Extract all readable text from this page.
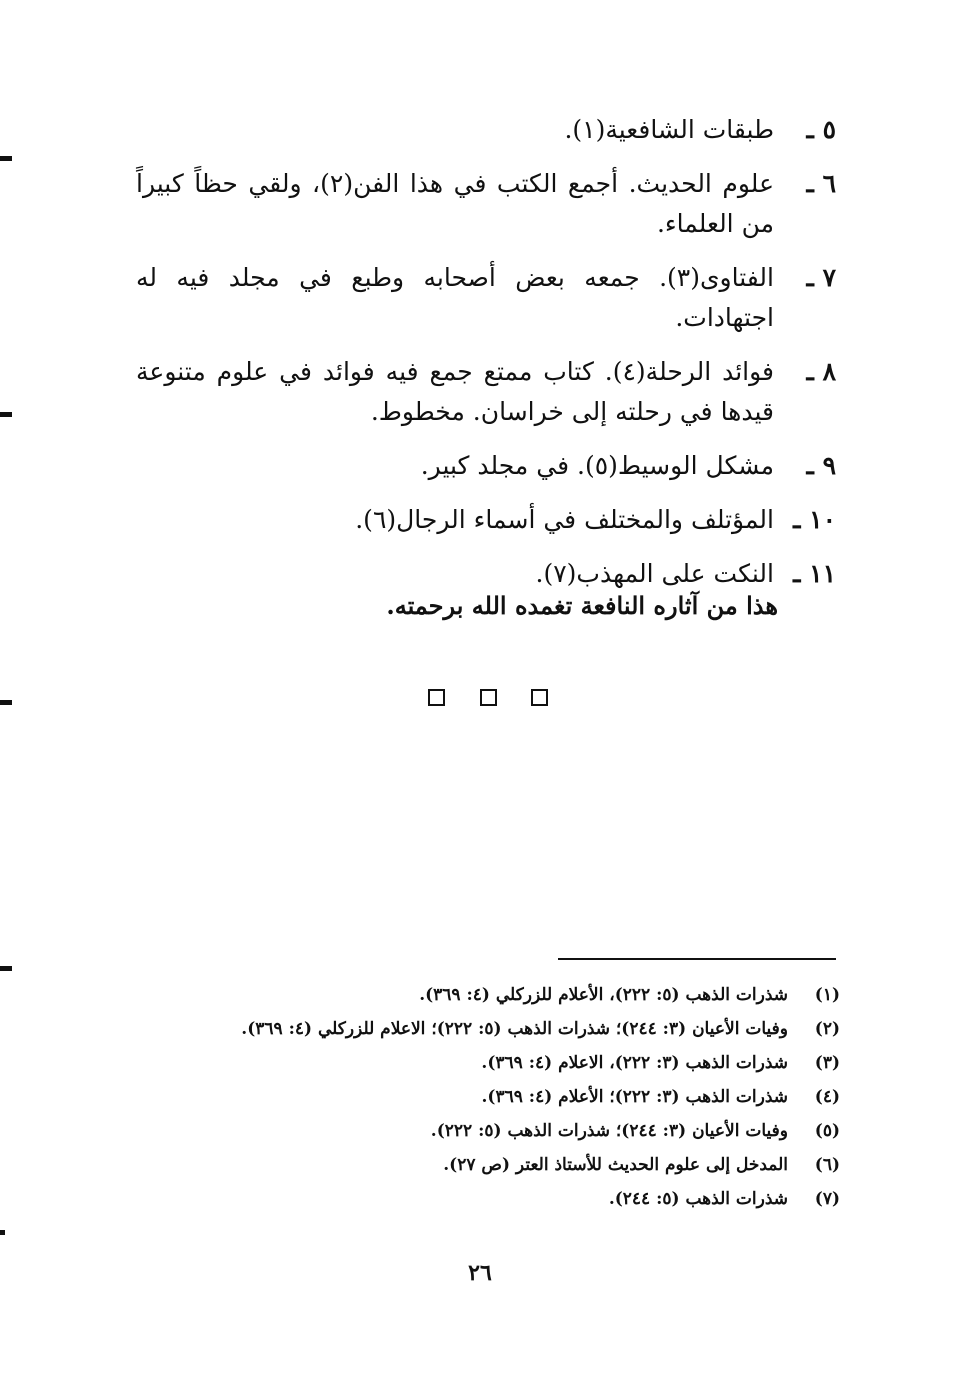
٥ ـ
طبقات الشافعية(١).
٦ ـ
علوم الحديث. أجمع الكتب في هذا الفن(٢)، ولقي حظاً كبيراً من العلماء.
٧ ـ
الفتاوى(٣). جمعه بعض أصحابه وطبع في مجلد فيه له اجتهادات.
٨ ـ
فوائد الرحلة(٤). كتاب ممتع جمع فيه فوائد في علوم متنوعة قيدها في رحلته إلى خراسان. مخطوط.
٩ ـ
مشكل الوسيط(٥). في مجلد كبير.
١٠ ـ
المؤتلف والمختلف في أسماء الرجال(٦).
١١ ـ
النكت على المهذب(٧).
هذا من آثاره النافعة تغمده الله برحمته.
(١)
شذرات الذهب (٥: ٢٢٢)، الأعلام للزركلي (٤: ٣٦٩).
(٢)
وفيات الأعيان (٣: ٢٤٤)؛ شذرات الذهب (٥: ٢٢٢)؛ الاعلام للزركلي (٤: ٣٦٩).
(٣)
شذرات الذهب (٣: ٢٢٢)، الاعلام (٤: ٣٦٩).
(٤)
شذرات الذهب (٣: ٢٢٢)؛ الأعلام (٤: ٣٦٩).
(٥)
وفيات الأعيان (٣: ٢٤٤)؛ شذرات الذهب (٥: ٢٢٢).
(٦)
المدخل إلى علوم الحديث للأستاذ العتر (ص ٢٧).
(٧)
شذرات الذهب (٥: ٢٤٤).
٢٦
